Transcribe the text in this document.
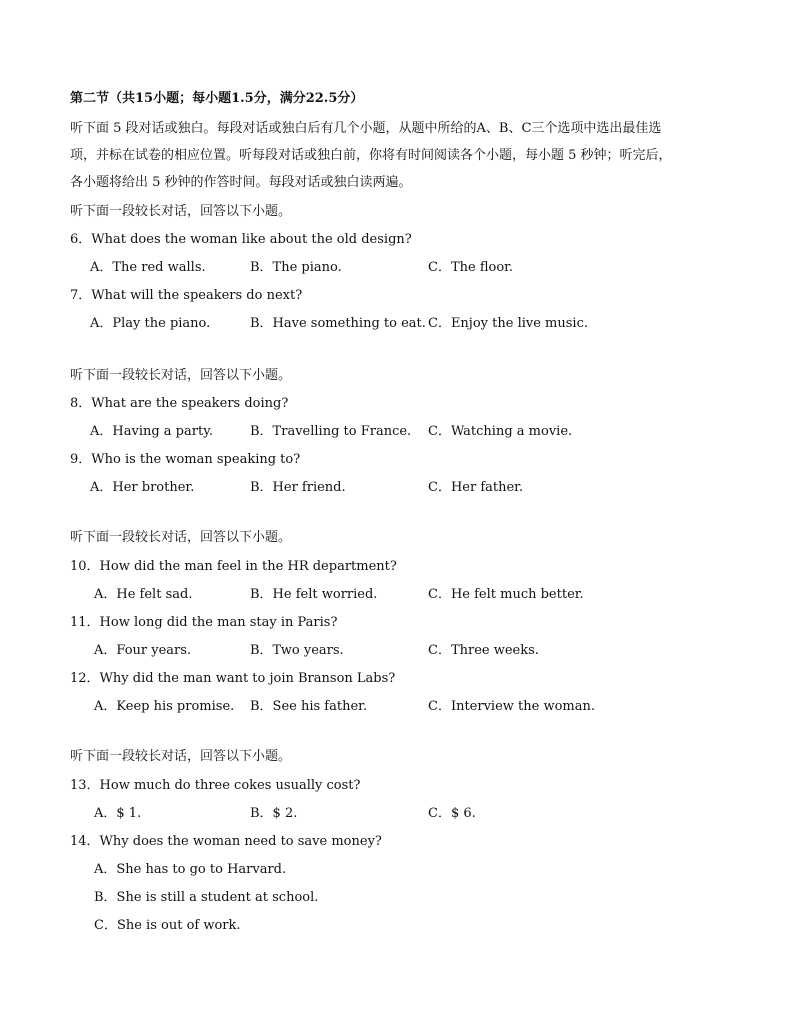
第二节（共15小题；每小题1.5分，满分22.5分）
听下面 5 段对话或独白。每段对话或独白后有几个小题，从题中所给的A、B、C三个选项中选出最佳选
项，并标在试卷的相应位置。听每段对话或独白前，你将有时间阅读各个小题，每小题 5 秒钟；听完后，
各小题将给出 5 秒钟的作答时间。每段对话或独白读两遍。
听下面一段较长对话，回答以下小题。
6．What does the woman like about the old design?
A．The red walls.	B．The piano.	C．The floor.
7．What will the speakers do next?
A．Play the piano.	B．Have something to eat. C．Enjoy the live music.
听下面一段较长对话，回答以下小题。
8．What are the speakers doing?
A．Having a party.	B．Travelling to France. C．Watching a movie.
9．Who is the woman speaking to?
A．Her brother.	B．Her friend.	C．Her father.
听下面一段较长对话，回答以下小题。
10．How did the man feel in the HR department?
A．He felt sad.	B．He felt worried.	C．He felt much better.
11．How long did the man stay in Paris?
A．Four years.	B．Two years.	C．Three weeks.
12．Why did the man want to join Branson Labs?
A．Keep his promise. B．See his father.	C．Interview the woman.
听下面一段较长对话，回答以下小题。
13．How much do three cokes usually cost?
A．$ 1.	B．$ 2.	C．$ 6.
14．Why does the woman need to save money?
A．She has to go to Harvard.
B．She is still a student at school.
C．She is out of work.
